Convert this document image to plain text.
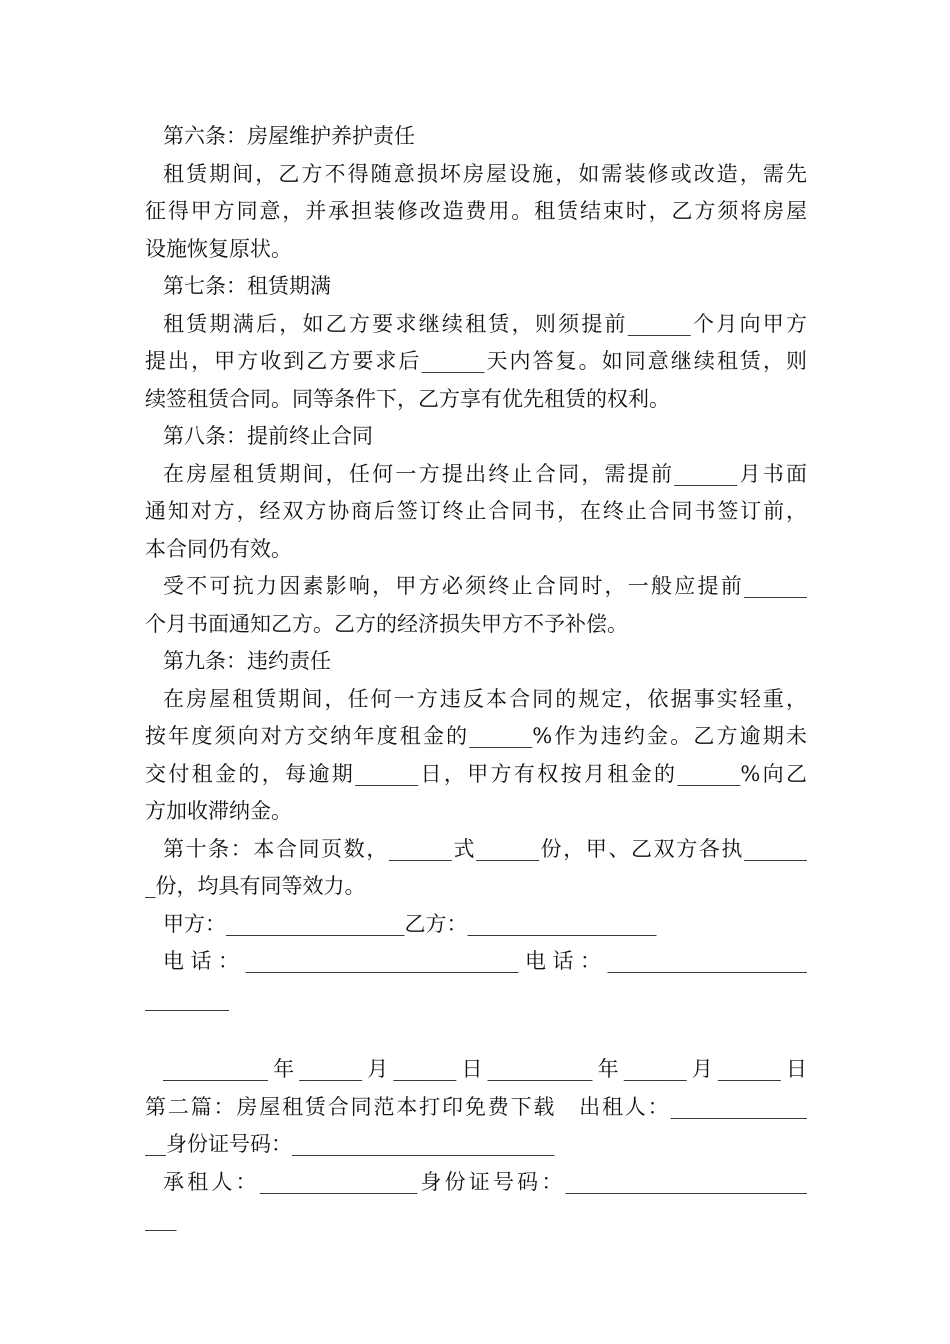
第六条：房屋维护养护责任
租赁期间，乙方不得随意损坏房屋设施，如需装修或改造，需先
征得甲方同意，并承担装修改造费用。租赁结束时，乙方须将房屋
设施恢复原状。
第七条：租赁期满
租赁期满后，如乙方要求继续租赁，则须提前______个月向甲方
提出，甲方收到乙方要求后______天内答复。如同意继续租赁，则
续签租赁合同。同等条件下，乙方享有优先租赁的权利。
第八条：提前终止合同
在房屋租赁期间，任何一方提出终止合同，需提前______月书面
通知对方，经双方协商后签订终止合同书，在终止合同书签订前，
本合同仍有效。
受不可抗力因素影响，甲方必须终止合同时，一般应提前______
个月书面通知乙方。乙方的经济损失甲方不予补偿。
第九条：违约责任
在房屋租赁期间，任何一方违反本合同的规定，依据事实轻重，
按年度须向对方交纳年度租金的______%作为违约金。乙方逾期未
交付租金的，每逾期______日，甲方有权按月租金的______%向乙
方加收滞纳金。
第十条：本合同页数，______式______份，甲、乙双方各执______
_份，均具有同等效力。
甲方：_________________乙方：__________________
电话：__________________________电话：___________________
________
__________年______月______日__________年______月______日
第二篇：房屋租赁合同范本打印免费下载　出租人：_____________
__身份证号码：_________________________
承租人：_______________身份证号码：_______________________
___
